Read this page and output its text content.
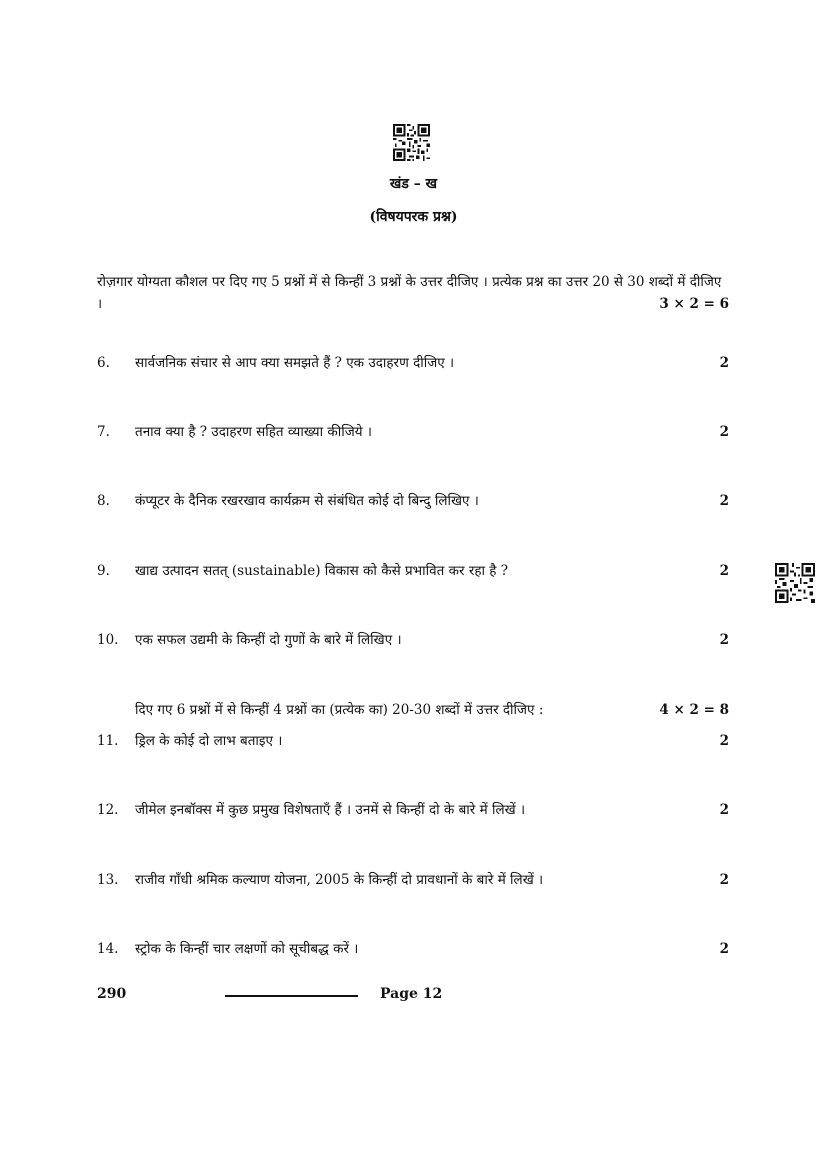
खंड – ख
(विषयपरक प्रश्न)
रोज़गार योग्यता कौशल पर दिए गए 5 प्रश्नों में से किन्हीं 3 प्रश्नों के उत्तर दीजिए । प्रत्येक प्रश्न का उत्तर 20 से 30 शब्दों में दीजिए ।	3 × 2 = 6
6. सार्वजनिक संचार से आप क्या समझते हैं ? एक उदाहरण दीजिए ।	2
7. तनाव क्या है ? उदाहरण सहित व्याख्या कीजिये ।	2
8. कंप्यूटर के दैनिक रखरखाव कार्यक्रम से संबंधित कोई दो बिन्दु लिखिए ।	2
9. खाद्य उत्पादन सतत् (sustainable) विकास को कैसे प्रभावित कर रहा है ?	2
10. एक सफल उद्यमी के किन्हीं दो गुणों के बारे में लिखिए ।	2
दिए गए 6 प्रश्नों में से किन्हीं 4 प्रश्नों का (प्रत्येक का) 20-30 शब्दों में उत्तर दीजिए :	4 × 2 = 8
11. ड्रिल के कोई दो लाभ बताइए ।	2
12. जीमेल इनबॉक्स में कुछ प्रमुख विशेषताएँ हैं । उनमें से किन्हीं दो के बारे में लिखें ।	2
13. राजीव गाँधी श्रमिक कल्याण योजना, 2005 के किन्हीं दो प्रावधानों के बारे में लिखें ।	2
14. स्ट्रोक के किन्हीं चार लक्षणों को सूचीबद्ध करें ।	2
290	Page 12
